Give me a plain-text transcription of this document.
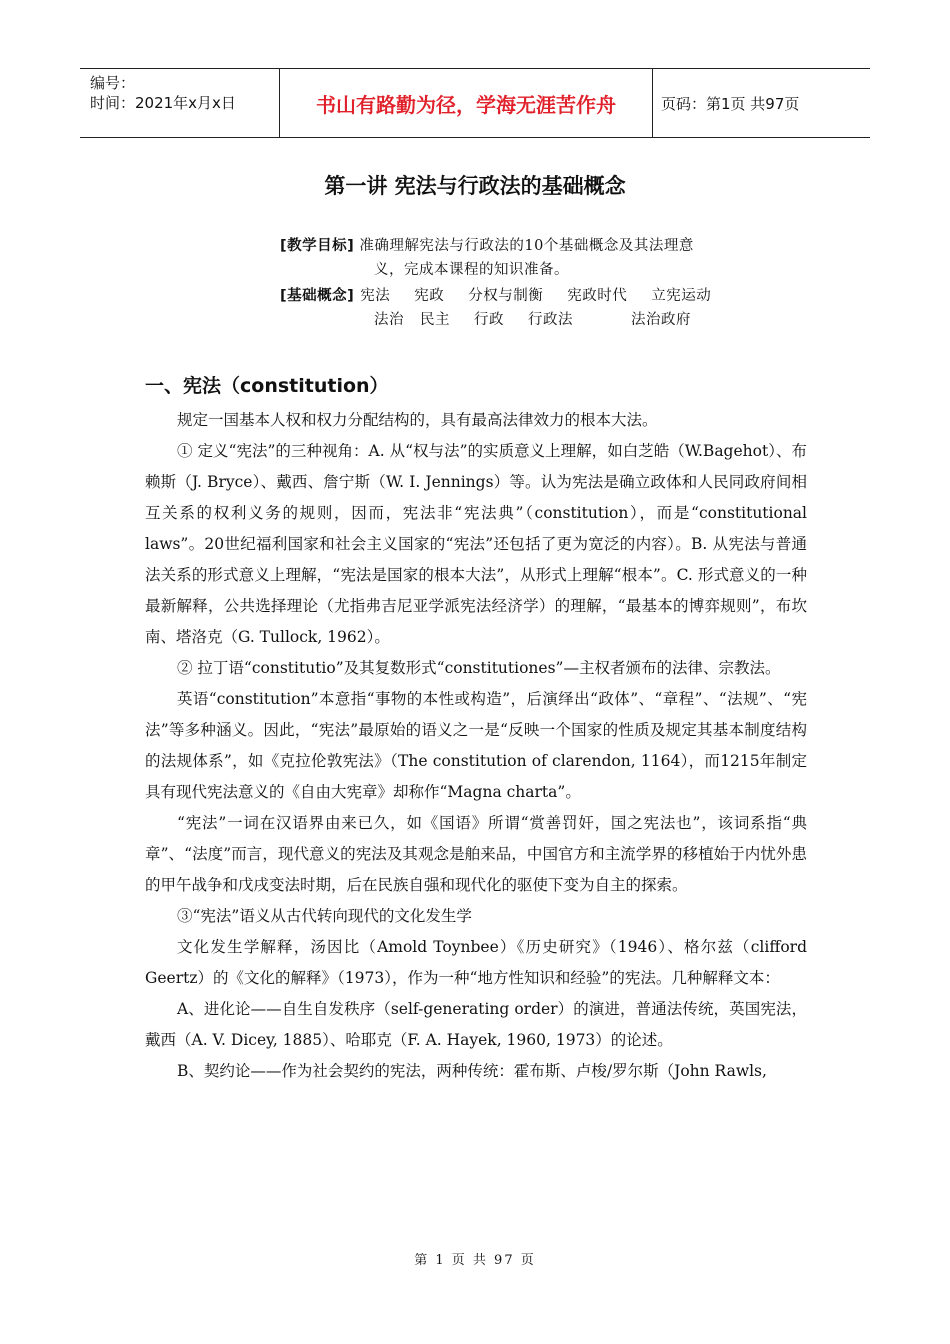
编号：
时间：2021年x月x日	书山有路勤为径，学海无涯苦作舟	页码：第1页 共97页
第一讲 宪法与行政法的基础概念
[教学目标] 准确理解宪法与行政法的10个基础概念及其法理意
义，完成本课程的知识准备。
[基础概念] 宪法 宪政 分权与制衡 宪政时代 立宪运动
法治 民主 行政 行政法	法治政府
一、宪法（constitution）

规定一国基本人权和权力分配结构的，具有最高法律效力的根本大法。

① 定义“宪法”的三种视角：A. 从“权与法”的实质意义上理解，如白芝皓（W.Bagehot）、布赖斯（J. Bryce）、戴西、詹宁斯（W. I. Jennings）等。认为宪法是确立政体和人民同政府间相互关系的权利义务的规则，因而，宪法非“宪法典”（constitution），而是“constitutional laws”。20世纪福利国家和社会主义国家的“宪法”还包括了更为宽泛的内容）。B. 从宪法与普通法关系的形式意义上理解，“宪法是国家的根本大法”，从形式上理解“根本”。C. 形式意义的一种最新解释，公共选择理论（尤指弗吉尼亚学派宪法经济学）的理解，“最基本的博弈规则”，布坎南、塔洛克（G. Tullock, 1962）。

② 拉丁语“constitutio”及其复数形式“constitutiones”—主权者颁布的法律、宗教法。

英语“constitution”本意指“事物的本性或构造”，后演绎出“政体”、“章程”、“法规”、“宪法”等多种涵义。因此，“宪法”最原始的语义之一是“反映一个国家的性质及规定其基本制度结构的法规体系”，如《克拉伦敦宪法》（The constitution of clarendon, 1164），而1215年制定具有现代宪法意义的《自由大宪章》却称作“Magna charta”。

“宪法”一词在汉语界由来已久，如《国语》所谓“赏善罚奸，国之宪法也”，该词系指“典章”、“法度”而言，现代意义的宪法及其观念是舶来品，中国官方和主流学界的移植始于内忧外患的甲午战争和戊戌变法时期，后在民族自强和现代化的驱使下变为自主的探索。

③“宪法”语义从古代转向现代的文化发生学

文化发生学解释，汤因比（Amold Toynbee）《历史研究》（1946）、格尔兹（clifford Geertz）的《文化的解释》（1973），作为一种“地方性知识和经验”的宪法。几种解释文本：

A、进化论——自生自发秩序（self-generating order）的演进，普通法传统，英国宪法，戴西（A. V. Dicey, 1885）、哈耶克（F. A. Hayek, 1960, 1973）的论述。

B、契约论——作为社会契约的宪法，两种传统：霍布斯、卢梭/罗尔斯（John Rawls,

第 1 页 共 97 页
